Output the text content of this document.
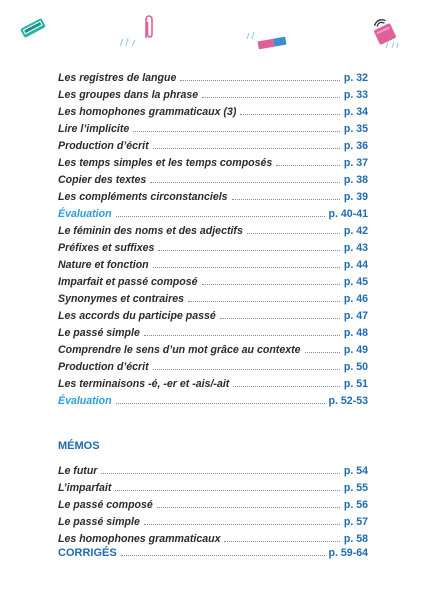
Les registres de langue	p. 32
Les groupes dans la phrase	p. 33
Les homophones grammaticaux (3)	p. 34
Lire l’implicite	p. 35
Production d’écrit	p. 36
Les temps simples et les temps composés	p. 37
Copier des textes	p. 38
Les compléments circonstanciels	p. 39
Évaluation	p. 40-41
Le féminin des noms et des adjectifs	p. 42
Préfixes et suffixes	p. 43
Nature et fonction	p. 44
Imparfait et passé composé	p. 45
Synonymes et contraires	p. 46
Les accords du participe passé	p. 47
Le passé simple	p. 48
Comprendre le sens d’un mot grâce au contexte	p. 49
Production d’écrit	p. 50
Les terminaisons -é, -er et -ais/-ait	p. 51
Évaluation	p. 52-53
MÉMOS
Le futur	p. 54
L’imparfait	p. 55
Le passé composé	p. 56
Le passé simple	p. 57
Les homophones grammaticaux	p. 58
CORRIGÉS	p. 59-64
